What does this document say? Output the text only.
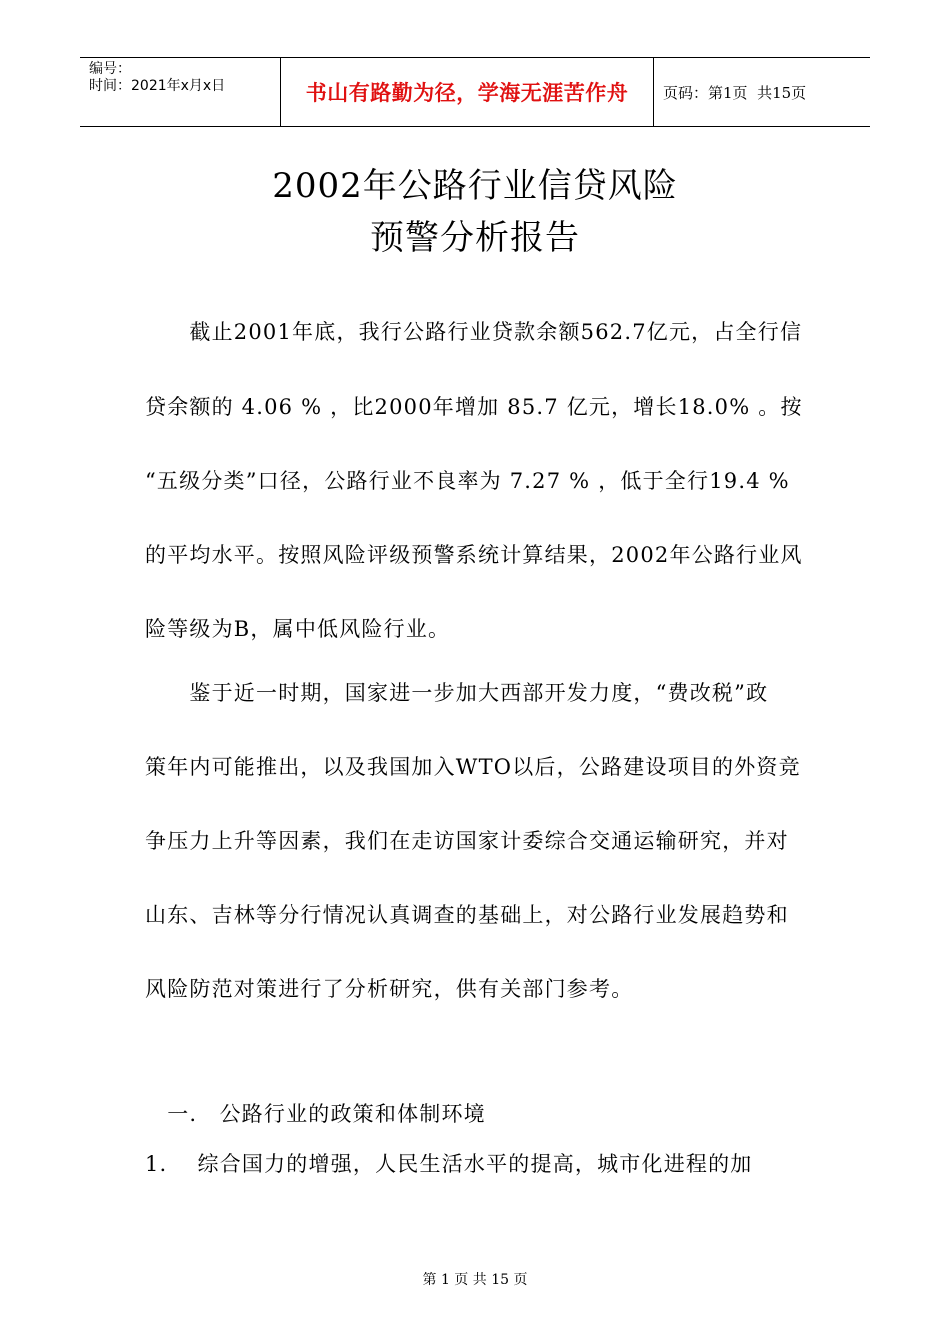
编号：
时间：2021年x月x日	书山有路勤为径，学海无涯苦作舟	页码：第1页  共15页
2002年公路行业信贷风险
预警分析报告
　　截止2001年底，我行公路行业贷款余额562.7亿元，占全行信
贷余额的 4.06 % ，比2000年增加 85.7 亿元，增长18.0% 。按
“五级分类”口径，公路行业不良率为 7.27 % ，低于全行19.4 %
的平均水平。按照风险评级预警系统计算结果，2002年公路行业风
险等级为B，属中低风险行业。
　　鉴于近一时期，国家进一步加大西部开发力度，“费改税”政
策年内可能推出，以及我国加入WTO以后，公路建设项目的外资竞
争压力上升等因素，我们在走访国家计委综合交通运输研究，并对
山东、吉林等分行情况认真调查的基础上，对公路行业发展趋势和
风险防范对策进行了分析研究，供有关部门参考。
　一.　公路行业的政策和体制环境
1.　 综合国力的增强，人民生活水平的提高，城市化进程的加
第 1 页 共 15 页
